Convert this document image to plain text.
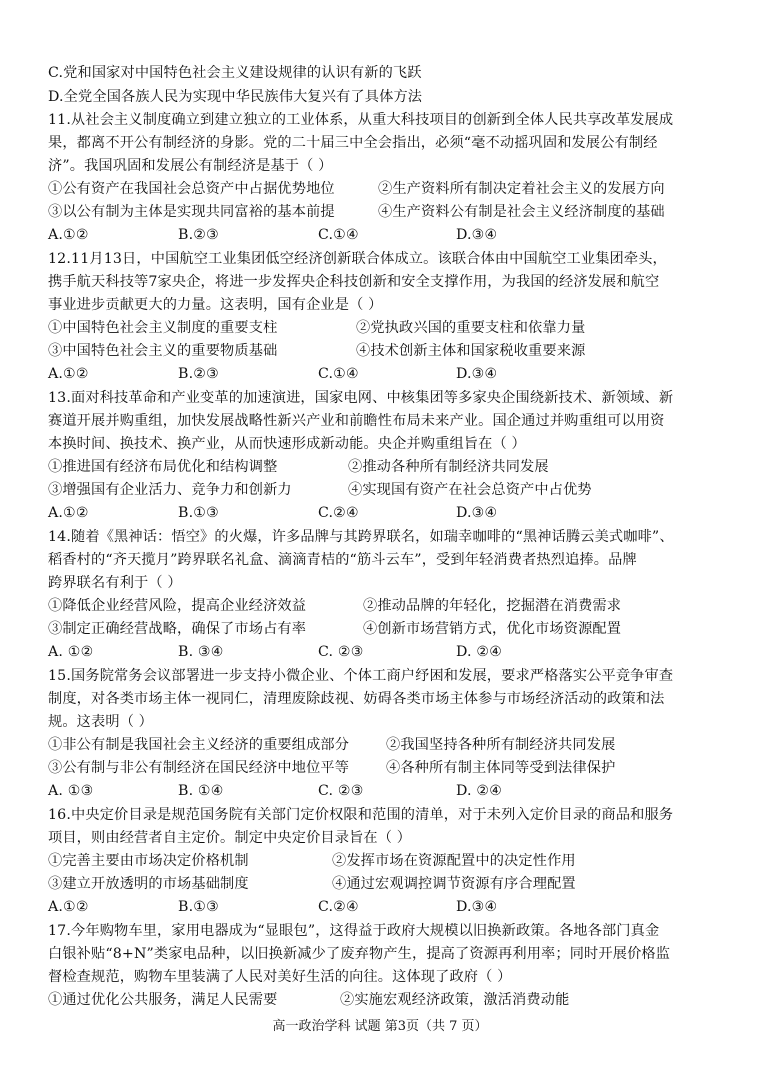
C.党和国家对中国特色社会主义建设规律的认识有新的飞跃
D.全党全国各族人民为实现中华民族伟大复兴有了具体方法
11.从社会主义制度确立到建立独立的工业体系，从重大科技项目的创新到全体人民共享改革发展成
果，都离不开公有制经济的身影。党的二十届三中全会指出，必须“毫不动摇巩固和发展公有制经
济”。我国巩固和发展公有制经济是基于（ ）
①公有资产在我国社会总资产中占据优势地位	②生产资料所有制决定着社会主义的发展方向
③以公有制为主体是实现共同富裕的基本前提	④生产资料公有制是社会主义经济制度的基础
A.①②	B.②③	C.①④	D.③④
12.11月13日，中国航空工业集团低空经济创新联合体成立。该联合体由中国航空工业集团牵头，
携手航天科技等7家央企，将进一步发挥央企科技创新和安全支撑作用，为我国的经济发展和航空
事业进步贡献更大的力量。这表明，国有企业是（ ）
①中国特色社会主义制度的重要支柱	②党执政兴国的重要支柱和依靠力量
③中国特色社会主义的重要物质基础	④技术创新主体和国家税收重要来源
A.①②	B.②③	C.①④	D.③④
13.面对科技革命和产业变革的加速演进，国家电网、中核集团等多家央企围绕新技术、新领域、新
赛道开展并购重组，加快发展战略性新兴产业和前瞻性布局未来产业。国企通过并购重组可以用资
本换时间、换技术、换产业，从而快速形成新动能。央企并购重组旨在（ ）
①推进国有经济布局优化和结构调整	②推动各种所有制经济共同发展
③增强国有企业活力、竞争力和创新力	④实现国有资产在社会总资产中占优势
A.①②	B.①③	C.②④	D.③④
14.随着《黑神话：悟空》的火爆，许多品牌与其跨界联名，如瑞幸咖啡的“黑神话腾云美式咖啡”、
稻香村的“齐天揽月”跨界联名礼盒、滴滴青桔的“筋斗云车”，受到年轻消费者热烈追捧。品牌
跨界联名有利于（ ）
①降低企业经营风险，提高企业经济效益	②推动品牌的年轻化，挖掘潜在消费需求
③制定正确经营战略，确保了市场占有率	④创新市场营销方式，优化市场资源配置
A. ①②	B. ③④	C. ②③	D. ②④
15.国务院常务会议部署进一步支持小微企业、个体工商户纾困和发展，要求严格落实公平竞争审查
制度，对各类市场主体一视同仁，清理废除歧视、妨碍各类市场主体参与市场经济活动的政策和法
规。这表明（ ）
①非公有制是我国社会主义经济的重要组成部分	②我国坚持各种所有制经济共同发展
③公有制与非公有制经济在国民经济中地位平等	④各种所有制主体同等受到法律保护
A. ①③	B. ①④	C. ②③	D. ②④
16.中央定价目录是规范国务院有关部门定价权限和范围的清单，对于未列入定价目录的商品和服务
项目，则由经营者自主定价。制定中央定价目录旨在（ ）
①完善主要由市场决定价格机制	②发挥市场在资源配置中的决定性作用
③建立开放透明的市场基础制度	④通过宏观调控调节资源有序合理配置
A.①②	B.①③	C.②④	D.③④
17.今年购物车里，家用电器成为“显眼包”，这得益于政府大规模以旧换新政策。各地各部门真金
白银补贴“8+N”类家电品种，以旧换新减少了废弃物产生，提高了资源再利用率；同时开展价格监
督检查规范，购物车里装满了人民对美好生活的向往。这体现了政府（ ）
①通过优化公共服务，满足人民需要	②实施宏观经济政策，激活消费动能
高一政治学科 试题 第3页（共 7 页）
